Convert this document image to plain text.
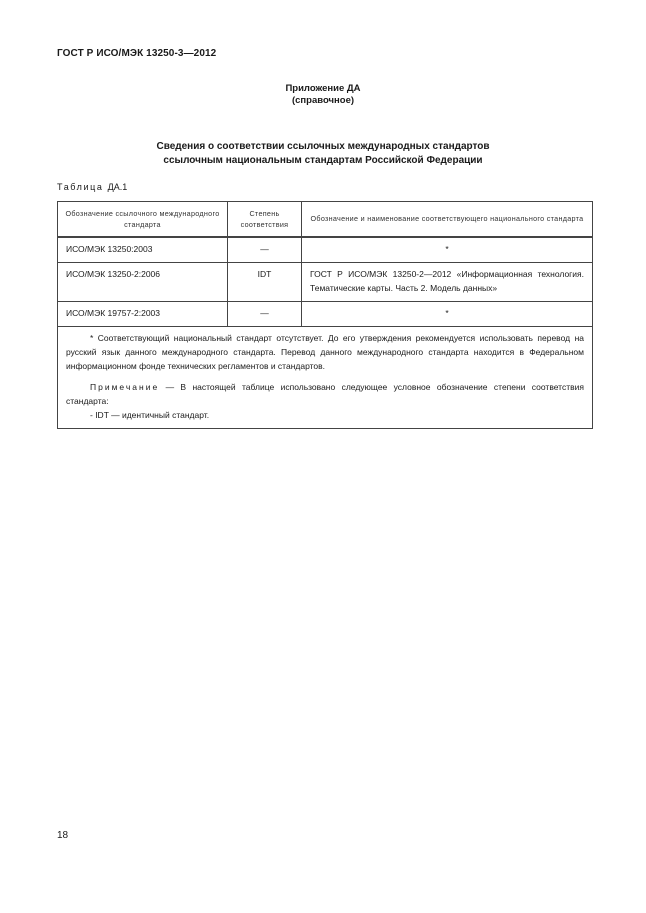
ГОСТ Р ИСО/МЭК 13250-3—2012
Приложение ДА
(справочное)
Сведения о соответствии ссылочных международных стандартов
ссылочным национальным стандартам Российской Федерации
Таблица ДА.1
Обозначение ссылочного международного стандарта	Степень соответствия	Обозначение и наименование соответствующего национального стандарта
ИСО/МЭК 13250:2003	—	*
ИСО/МЭК 13250-2:2006	IDT	ГОСТ Р ИСО/МЭК 13250-2—2012 «Информационная технология. Тематические карты. Часть 2. Модель данных»
ИСО/МЭК 19757-2:2003	—	*

* Соответствующий национальный стандарт отсутствует. До его утверждения рекомендуется использовать перевод на русский язык данного международного стандарта. Перевод данного международного стандарта находится в Федеральном информационном фонде технических регламентов и стандартов.
Примечание — В настоящей таблице использовано следующее условное обозначение степени соответствия стандарта:
- IDT — идентичный стандарт.		
18
